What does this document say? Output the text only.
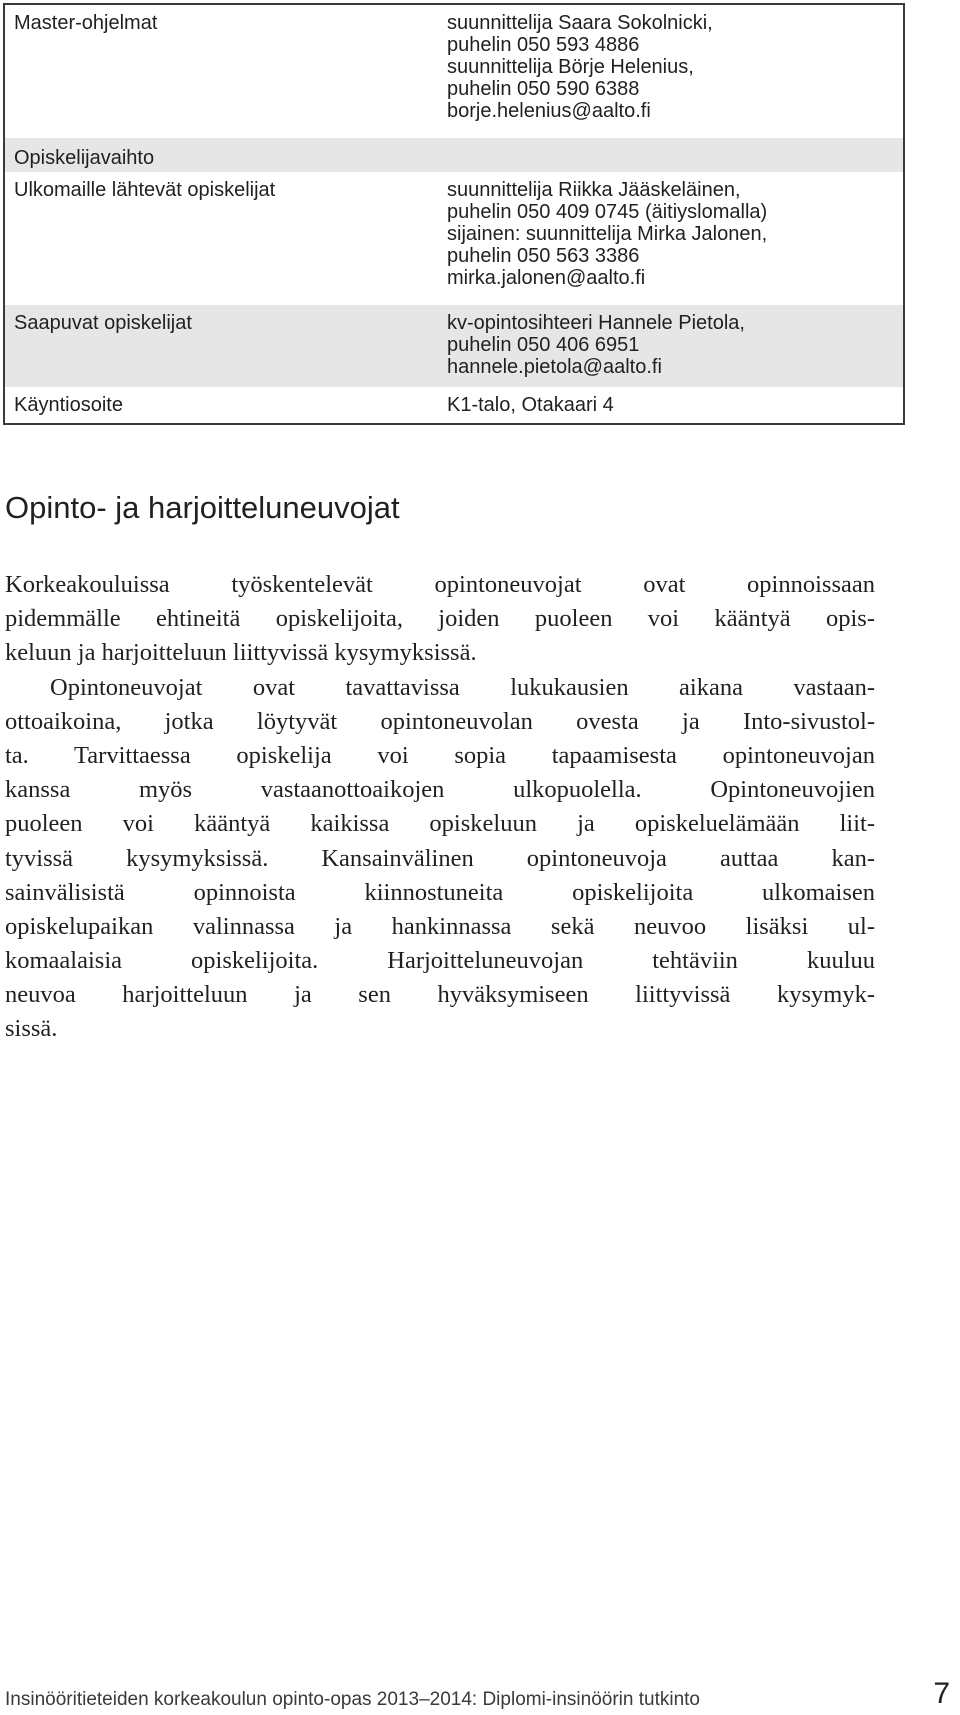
Master-ohjelmat	suunnittelija Saara Sokolnicki,
puhelin 050 593 4886
suunnittelija Börje Helenius,
puhelin 050 590 6388
borje.helenius@aalto.fi
Opiskelijavaihto
Ulkomaille lähtevät opiskelijat	suunnittelija Riikka Jääskeläinen,
puhelin 050 409 0745 (äitiyslomalla)
sijainen: suunnittelija Mirka Jalonen,
puhelin 050 563 3386
mirka.jalonen@aalto.fi
Saapuvat opiskelijat	kv-opintosihteeri Hannele Pietola,
puhelin 050 406 6951
hannele.pietola@aalto.fi
Käyntiosoite	K1-talo, Otakaari 4
Opinto- ja harjoitteluneuvojat
Korkeakouluissa työskentelevät opintoneuvojat ovat opinnoissaan
pidemmälle ehtineitä opiskelijoita, joiden puoleen voi kääntyä opis-
keluun ja harjoitteluun liittyvissä kysymyksissä.
Opintoneuvojat ovat tavattavissa lukukausien aikana vastaan-
ottoaikoina, jotka löytyvät opintoneuvolan ovesta ja Into-sivustol-
ta. Tarvittaessa opiskelija voi sopia tapaamisesta opintoneuvojan
kanssa myös vastaanottoaikojen ulkopuolella. Opintoneuvojien
puoleen voi kääntyä kaikissa opiskeluun ja opiskeluelämään liit-
tyvissä kysymyksissä. Kansainvälinen opintoneuvoja auttaa kan-
sainvälisistä opinnoista kiinnostuneita opiskelijoita ulkomaisen
opiskelupaikan valinnassa ja hankinnassa sekä neuvoo lisäksi ul-
komaalaisia opiskelijoita. Harjoitteluneuvojan tehtäviin kuuluu
neuvoa harjoitteluun ja sen hyväksymiseen liittyvissä kysymyk-
sissä.
Insinööritieteiden korkeakoulun opinto-opas 2013–2014: Diplomi-insinöörin tutkinto	7
